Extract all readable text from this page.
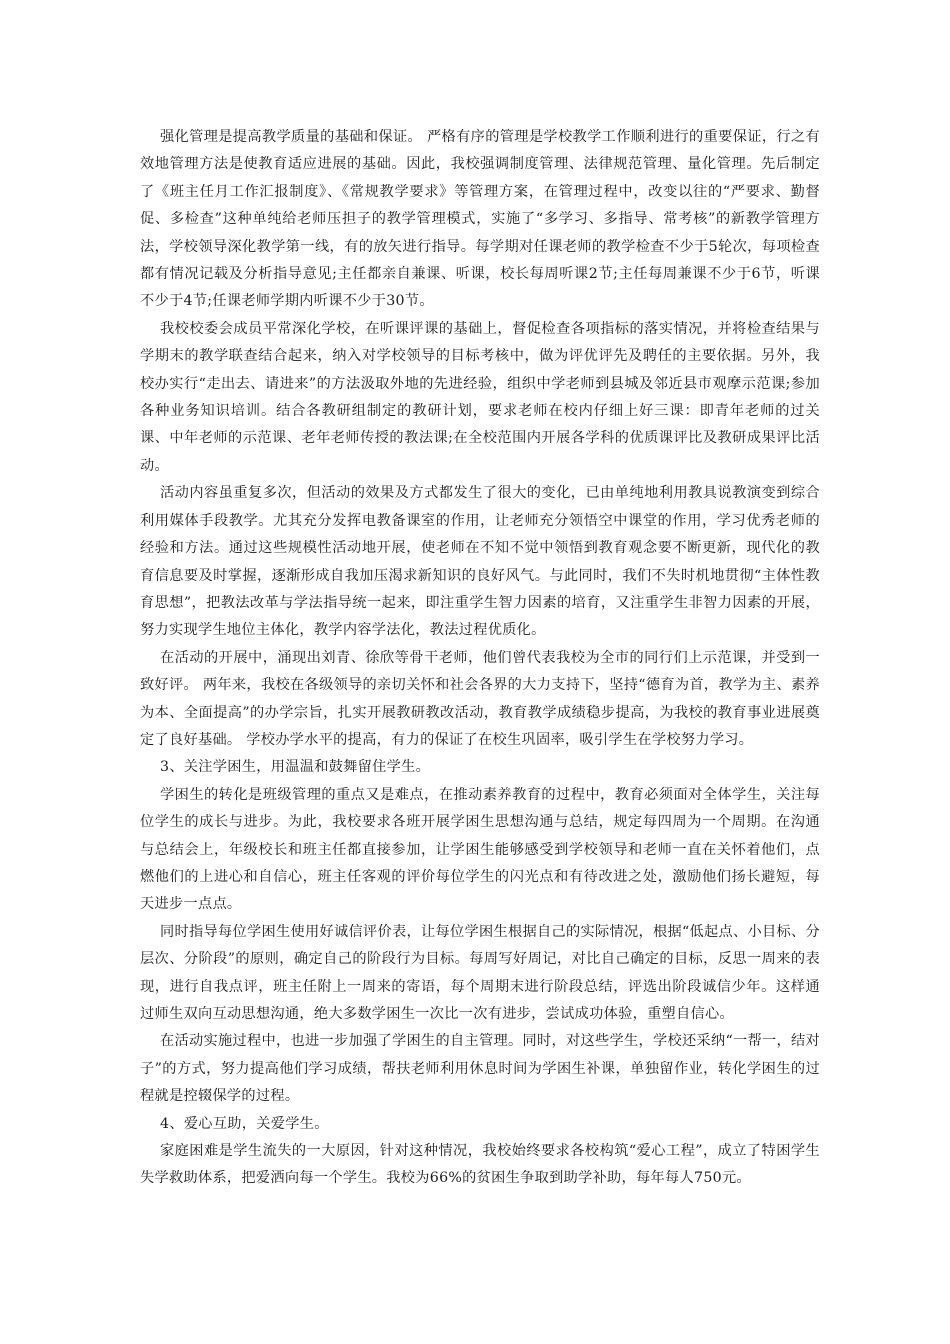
强化管理是提高教学质量的基础和保证。 严格有序的管理是学校教学工作顺利进行的重要保证，行之有效地管理方法是使教育适应进展的基础。因此，我校强调制度管理、法律规范管理、量化管理。先后制定了《班主任月工作汇报制度》、《常规教学要求》等管理方案，在管理过程中，改变以往的“严要求、勤督促、多检查”这种单纯给老师压担子的教学管理模式，实施了“多学习、多指导、常考核”的新教学管理方法，学校领导深化教学第一线，有的放矢进行指导。每学期对任课老师的教学检查不少于5轮次，每项检查都有情况记载及分析指导意见;主任都亲自兼课、听课，校长每周听课2节;主任每周兼课不少于6节，听课不少于4节;任课老师学期内听课不少于30节。

我校校委会成员平常深化学校，在听课评课的基础上，督促检查各项指标的落实情况，并将检查结果与学期末的教学联查结合起来，纳入对学校领导的目标考核中，做为评优评先及聘任的主要依据。另外，我校办实行“走出去、请进来”的方法汲取外地的先进经验，组织中学老师到县城及邻近县市观摩示范课;参加各种业务知识培训。结合各教研组制定的教研计划，要求老师在校内仔细上好三课：即青年老师的过关课、中年老师的示范课、老年老师传授的教法课;在全校范围内开展各学科的优质课评比及教研成果评比活动。

活动内容虽重复多次，但活动的效果及方式都发生了很大的变化，已由单纯地利用教具说教演变到综合利用媒体手段教学。尤其充分发挥电教备课室的作用，让老师充分领悟空中课堂的作用，学习优秀老师的经验和方法。通过这些规模性活动地开展，使老师在不知不觉中领悟到教育观念要不断更新，现代化的教育信息要及时掌握，逐渐形成自我加压渴求新知识的良好风气。与此同时，我们不失时机地贯彻“主体性教育思想”，把教法改革与学法指导统一起来，即注重学生智力因素的培育，又注重学生非智力因素的开展，努力实现学生地位主体化，教学内容学法化，教法过程优质化。

在活动的开展中，涌现出刘青、徐欣等骨干老师，他们曾代表我校为全市的同行们上示范课，并受到一致好评。 两年来，我校在各级领导的亲切关怀和社会各界的大力支持下，坚持“德育为首，教学为主、素养为本、全面提高”的办学宗旨，扎实开展教研教改活动，教育教学成绩稳步提高，为我校的教育事业进展奠定了良好基础。 学校办学水平的提高，有力的保证了在校生巩固率，吸引学生在学校努力学习。

3、关注学困生，用温温和鼓舞留住学生。

学困生的转化是班级管理的重点又是难点，在推动素养教育的过程中，教育必须面对全体学生，关注每位学生的成长与进步。为此，我校要求各班开展学困生思想沟通与总结，规定每四周为一个周期。在沟通与总结会上，年级校长和班主任都直接参加，让学困生能够感受到学校领导和老师一直在关怀着他们，点燃他们的上进心和自信心，班主任客观的评价每位学生的闪光点和有待改进之处，激励他们扬长避短，每天进步一点点。

同时指导每位学困生使用好诚信评价表，让每位学困生根据自己的实际情况，根据“低起点、小目标、分层次、分阶段”的原则，确定自己的阶段行为目标。每周写好周记，对比自己确定的目标，反思一周来的表现，进行自我点评，班主任附上一周来的寄语，每个周期末进行阶段总结，评选出阶段诚信少年。这样通过师生双向互动思想沟通，绝大多数学困生一次比一次有进步，尝试成功体验，重塑自信心。

在活动实施过程中，也进一步加强了学困生的自主管理。同时，对这些学生，学校还采纳“一帮一，结对子”的方式，努力提高他们学习成绩，帮扶老师利用休息时间为学困生补课，单独留作业，转化学困生的过程就是控辍保学的过程。

4、爱心互助，关爱学生。

家庭困难是学生流失的一大原因，针对这种情况，我校始终要求各校构筑“爱心工程”，成立了特困学生失学救助体系，把爱洒向每一个学生。我校为66%的贫困生争取到助学补助，每年每人750元。
